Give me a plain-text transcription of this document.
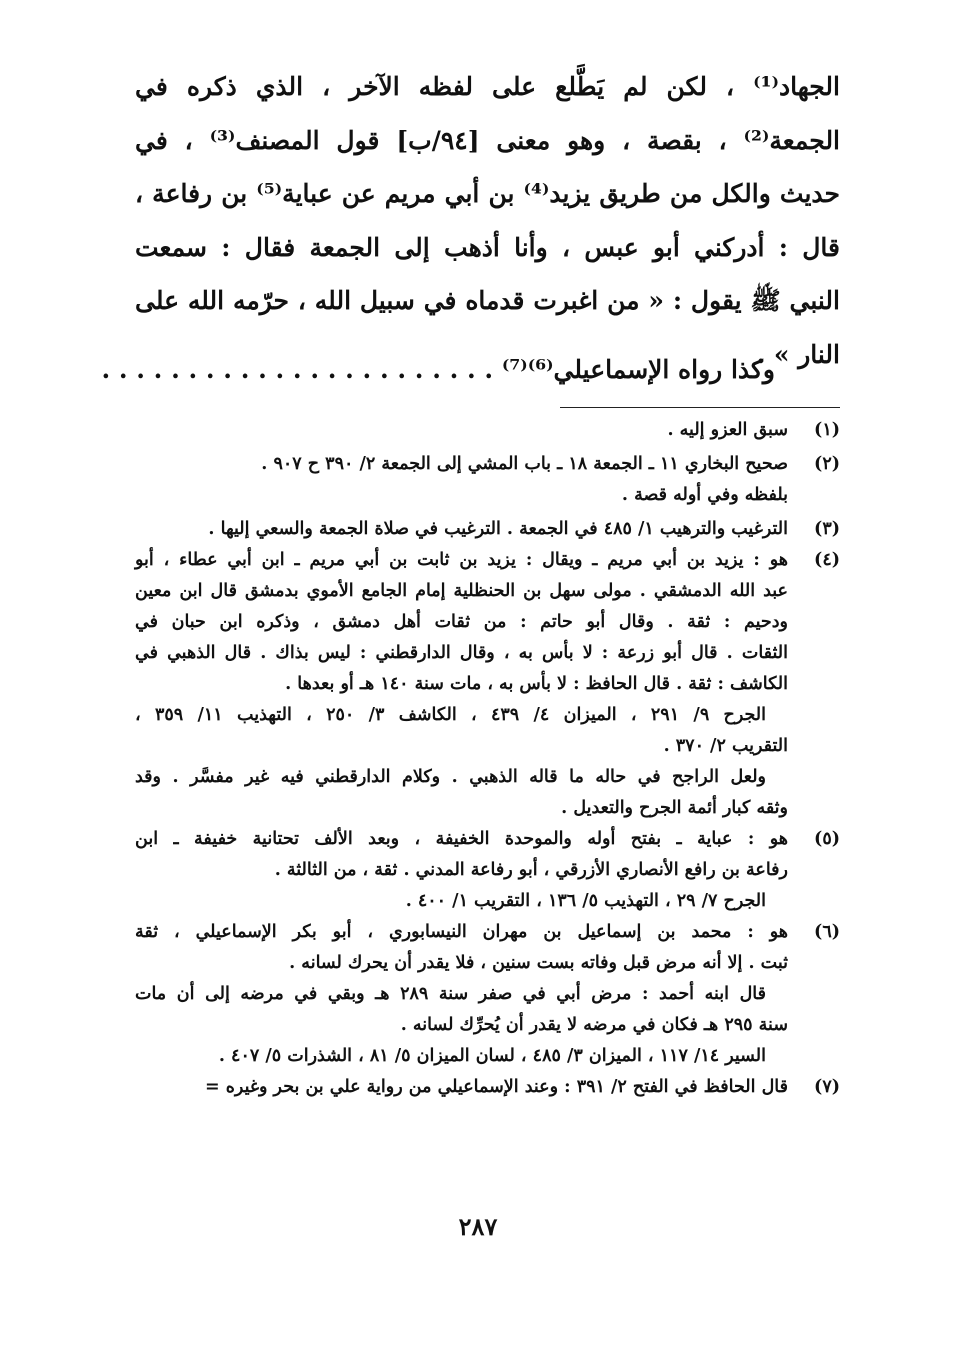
الجهاد⁽¹⁾ ، لكن لم يَطَّلع على لفظه الآخر ، الذي ذكره في
الجمعة⁽²⁾ ، بقصة ، وهو معنى [٩٤/ب] قول المصنف⁽³⁾ ، في
حديث والكل من طريق يزيد⁽⁴⁾ بن أبي مريم عن عباية⁽⁵⁾ بن رفاعة ،
قال : أدركني أبو عبس ، وأنا أذهب إلى الجمعة فقال : سمعت
النبي ﷺ يقول : « من اغبرت قدماه في سبيل الله ، حرّمه الله على
النار » .
وكذا رواه الإسماعيلي⁽⁶⁾⁽⁷⁾ . . . . . . . . . . . . . . . . . . . . . . .
(١)
سبق العزو إليه .
(٢)
صحيح البخاري ١١ ـ الجمعة ١٨ ـ باب المشي إلى الجمعة ٢/ ٣٩٠ ح ٩٠٧ .
بلفظه وفي أوله قصة .
(٣)
الترغيب والترهيب ١/ ٤٨٥ في الجمعة . الترغيب في صلاة الجمعة والسعي إليها .
(٤)
هو : يزيد بن أبي مريم ـ ويقال : يزيد بن ثابت بن أبي مريم ـ ابن أبي عطاء ، أبو
عبد الله الدمشقي . مولى سهل بن الحنظلية إمام الجامع الأموي بدمشق قال ابن معين
ودحيم : ثقة . وقال أبو حاتم : من ثقات أهل دمشق ، وذكره ابن حبان في
الثقات . قال أبو زرعة : لا بأس به ، وقال الدارقطني : ليس بذاك . قال الذهبي في
الكاشف : ثقة . قال الحافظ : لا بأس به ، مات سنة ١٤٠ هـ أو بعدها .
الجرح ٩/ ٢٩١ ، الميزان ٤/ ٤٣٩ ، الكاشف ٣/ ٢٥٠ ، التهذيب ١١/ ٣٥٩ ،
التقريب ٢/ ٣٧٠ .
ولعل الراجح في حاله ما قاله الذهبي . وكلام الدارقطني فيه غير مفسَّر . وقد
وثقه كبار أئمة الجرح والتعديل .
(٥)
هو : عباية ـ بفتح أوله والموحدة الخفيفة ، وبعد الألف تحتانية خفيفة ـ ابن
رفاعة بن رافع الأنصاري الأزرقي ، أبو رفاعة المدني . ثقة ، من الثالثة .
الجرح ٧/ ٢٩ ، التهذيب ٥/ ١٣٦ ، التقريب ١/ ٤٠٠ .
(٦)
هو : محمد بن إسماعيل بن مهران النيسابوري ، أبو بكر الإسماعيلي ، ثقة
ثبت . إلا أنه مرض قبل وفاته بست سنين ، فلا يقدر أن يحرك لسانه .
قال ابنه أحمد : مرض أبي في صفر سنة ٢٨٩ هـ وبقي في مرضه إلى أن مات
سنة ٢٩٥ هـ فكان في مرضه لا يقدر أن يُحرِّك لسانه .
السير ١٤/ ١١٧ ، الميزان ٣/ ٤٨٥ ، لسان الميزان ٥/ ٨١ ، الشذرات ٥/ ٤٠٧ .
(٧)
قال الحافظ في الفتح ٢/ ٣٩١ : وعند الإسماعيلي من رواية علي بن بحر وغيره =
٢٨٧
